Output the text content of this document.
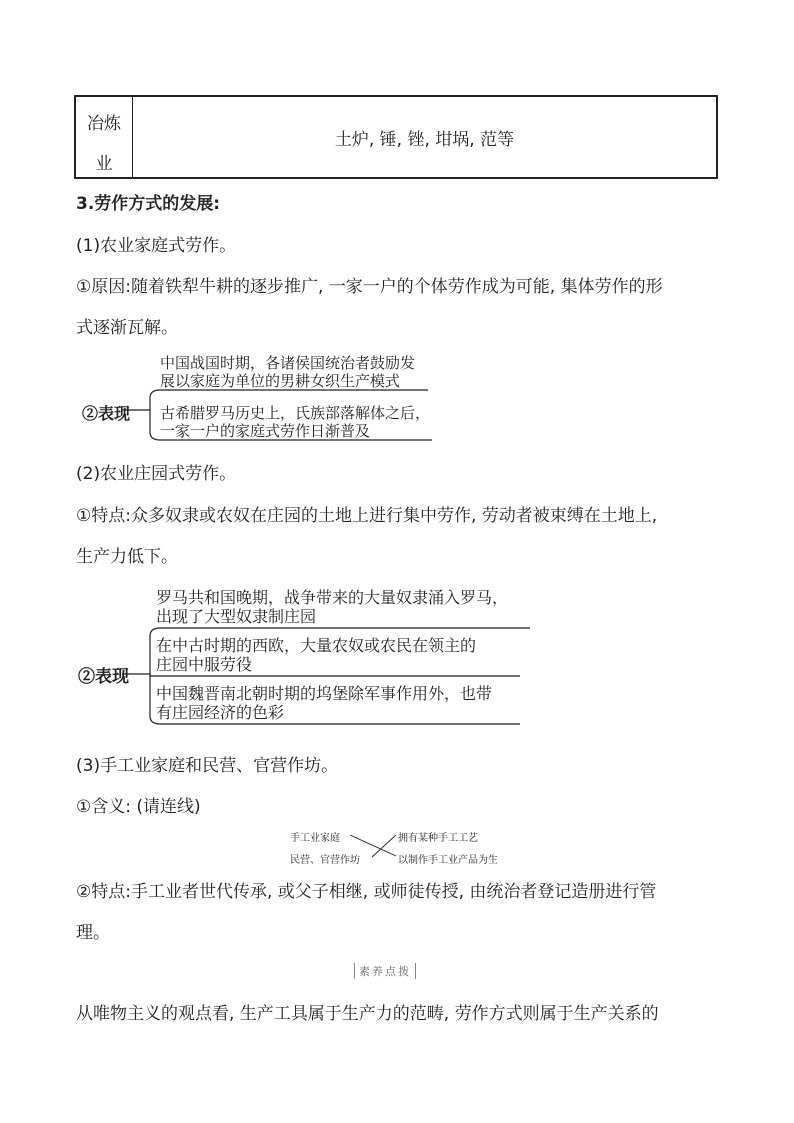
冶炼
业
土炉, 锤, 锉, 坩埚, 范等
3.劳作方式的发展:
(1)农业家庭式劳作。
①原因:随着铁犁牛耕的逐步推广, 一家一户的个体劳作成为可能, 集体劳作的形
式逐渐瓦解。
②表现
中国战国时期，各诸侯国统治者鼓励发
展以家庭为单位的男耕女织生产模式
古希腊罗马历史上，氏族部落解体之后，
一家一户的家庭式劳作日渐普及
(2)农业庄园式劳作。
①特点:众多奴隶或农奴在庄园的土地上进行集中劳作, 劳动者被束缚在土地上,
生产力低下。
②表现
罗马共和国晚期，战争带来的大量奴隶涌入罗马，
出现了大型奴隶制庄园
在中古时期的西欧，大量农奴或农民在领主的
庄园中服劳役
中国魏晋南北朝时期的坞堡除军事作用外，也带
有庄园经济的色彩
(3)手工业家庭和民营、官营作坊。
①含义: (请连线)
手工业家庭
民营、官营作坊
拥有某种手工工艺
以制作手工业产品为生
②特点:手工业者世代传承, 或父子相继, 或师徒传授, 由统治者登记造册进行管
理。
素养点拨
从唯物主义的观点看, 生产工具属于生产力的范畴, 劳作方式则属于生产关系的
